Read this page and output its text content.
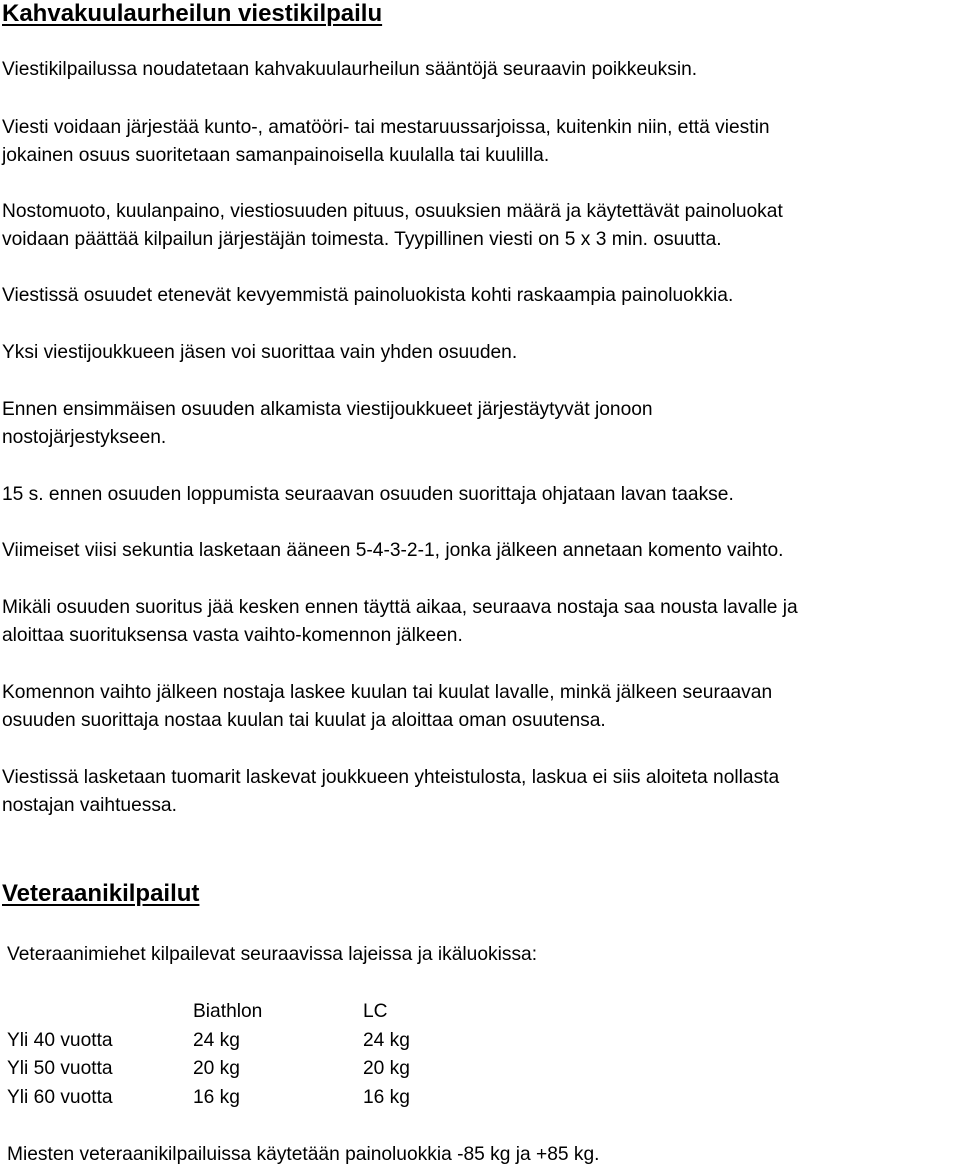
Kahvakuulaurheilun viestikilpailu
Viestikilpailussa noudatetaan kahvakuulaurheilun sääntöjä seuraavin poikkeuksin.
Viesti voidaan järjestää kunto-, amatööri- tai mestaruussarjoissa, kuitenkin niin, että viestin
jokainen osuus suoritetaan samanpainoisella kuulalla tai kuulilla.
Nostomuoto, kuulanpaino, viestiosuuden pituus, osuuksien määrä ja käytettävät painoluokat
voidaan päättää kilpailun järjestäjän toimesta. Tyypillinen viesti on 5 x 3 min. osuutta.
Viestissä osuudet etenevät kevyemmistä painoluokista kohti raskaampia painoluokkia.
Yksi viestijoukkueen jäsen voi suorittaa vain yhden osuuden.
Ennen ensimmäisen osuuden alkamista viestijoukkueet järjestäytyvät jonoon
nostojärjestykseen.
15 s. ennen osuuden loppumista seuraavan osuuden suorittaja ohjataan lavan taakse.
Viimeiset viisi sekuntia lasketaan ääneen 5-4-3-2-1, jonka jälkeen annetaan komento vaihto.
Mikäli osuuden suoritus jää kesken ennen täyttä aikaa, seuraava nostaja saa nousta lavalle ja
aloittaa suorituksensa vasta vaihto-komennon jälkeen.
Komennon vaihto jälkeen nostaja laskee kuulan tai kuulat lavalle, minkä jälkeen seuraavan
osuuden suorittaja nostaa kuulan tai kuulat ja aloittaa oman osuutensa.
Viestissä lasketaan tuomarit laskevat joukkueen yhteistulosta, laskua ei siis aloiteta nollasta
nostajan vaihtuessa.
Veteraanikilpailut
Veteraanimiehet kilpailevat seuraavissa lajeissa ja ikäluokissa:
	Biathlon	LC
Yli 40 vuotta	24 kg	24 kg
Yli 50 vuotta	20 kg	20 kg
Yli 60 vuotta	16 kg	16 kg
Miesten veteraanikilpailuissa käytetään painoluokkia -85 kg ja +85 kg.
